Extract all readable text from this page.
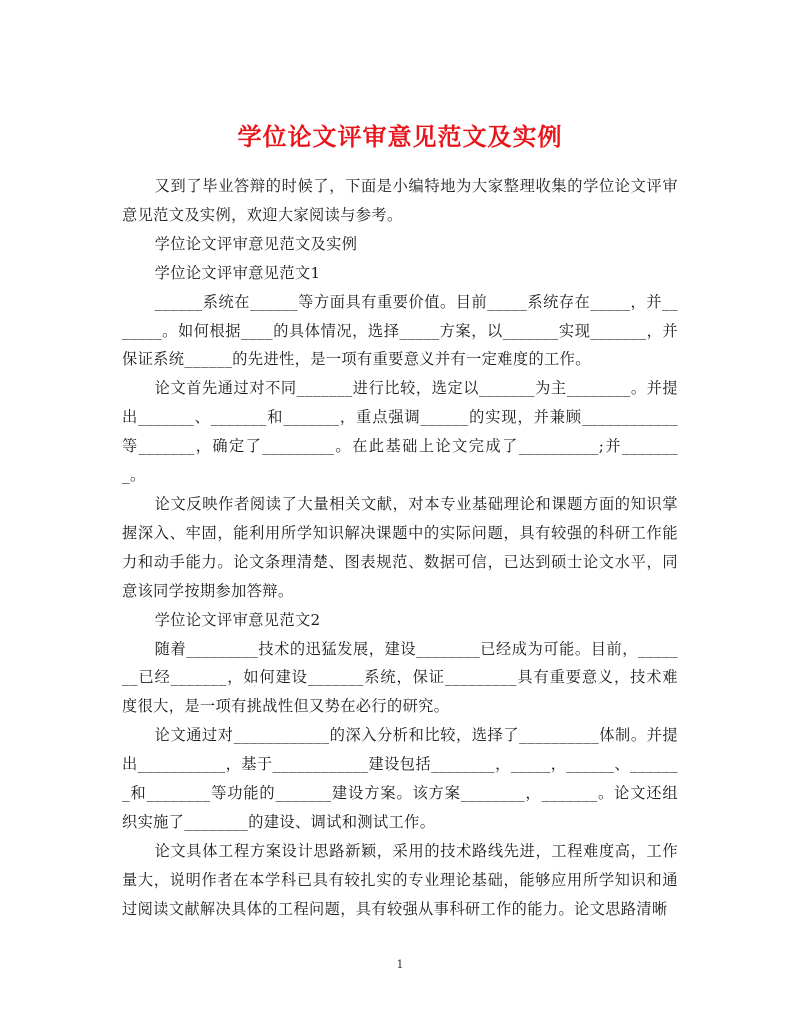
学位论文评审意见范文及实例

又到了毕业答辩的时候了，下面是小编特地为大家整理收集的学位论文评审意见范文及实例，欢迎大家阅读与参考。

学位论文评审意见范文及实例

学位论文评审意见范文1

______系统在______等方面具有重要价值。目前_____系统存在_____，并_______。如何根据____的具体情况，选择_____方案，以_______实现_______，并保证系统______的先进性，是一项有重要意义并有一定难度的工作。

论文首先通过对不同_______进行比较，选定以_______为主________。并提出_______、_______和_______，重点强调______的实现，并兼顾____________等_______，确定了_________。在此基础上论文完成了__________;并________。

论文反映作者阅读了大量相关文献，对本专业基础理论和课题方面的知识掌握深入、牢固，能利用所学知识解决课题中的实际问题，具有较强的科研工作能力和动手能力。论文条理清楚、图表规范、数据可信，已达到硕士论文水平，同意该同学按期参加答辩。

学位论文评审意见范文2

随着_________技术的迅猛发展，建设________已经成为可能。目前，_______已经_______，如何建设_______系统，保证_________具有重要意义，技术难度很大，是一项有挑战性但又势在必行的研究。

论文通过对____________的深入分析和比较，选择了__________体制。并提出___________，基于____________建设包括________，_____，______、_______和________等功能的_______建设方案。该方案________，_______。论文还组织实施了________的建设、调试和测试工作。

论文具体工程方案设计思路新颖，采用的技术路线先进，工程难度高，工作量大，说明作者在本学科已具有较扎实的专业理论基础，能够应用所学知识和通过阅读文献解决具体的工程问题，具有较强从事科研工作的能力。论文思路清晰

1
